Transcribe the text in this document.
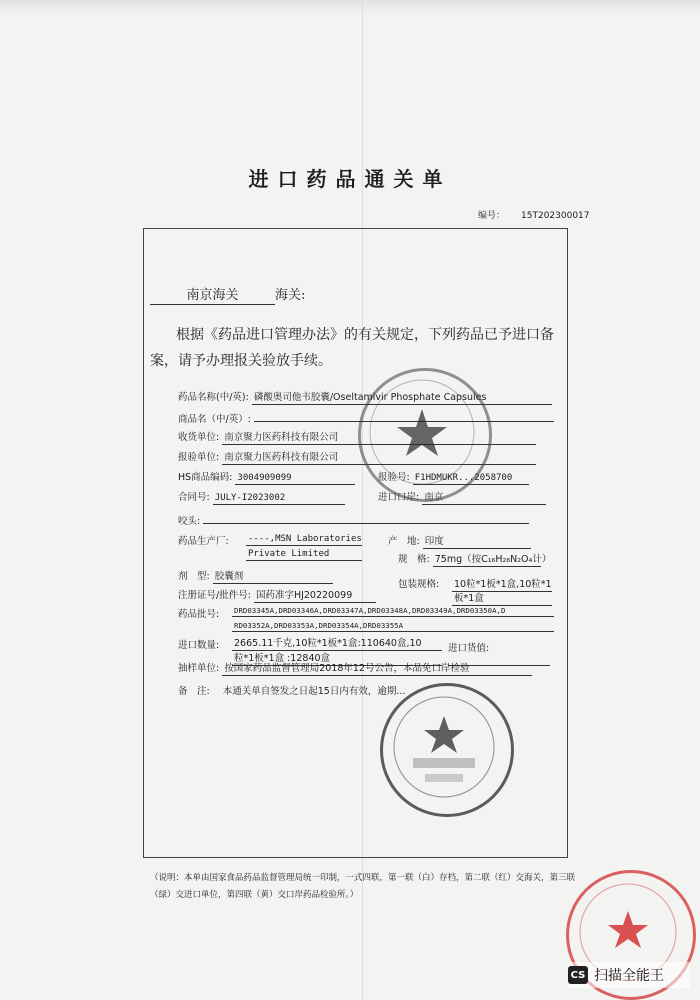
进口药品通关单
编号： 15T202300017
南京海关	海关:
根据《药品进口管理办法》的有关规定，下列药品已予进口备案，请予办理报关验放手续。
药品名称(中/英): 磷酸奥司他韦胶囊/Oseltamivir Phosphate Capsules
商品名（中/英）:
收货单位: 南京聚力医药科技有限公司
报验单位: 南京聚力医药科技有限公司
HS商品编码: 3004909099	报验号: F1HDMUKR...2058700
合同号: JULY-I2023002	进口口岸: 南京
咬头:
药品生产厂: ----,MSN Laboratories
Private Limited
产　地: 印度
规　格: 75mg（按C₁₆H₂₈N₂O₄计）
剂　型: 胶囊剂
包装规格: 10粒*1板*1盒,10粒*1
板*1盒
注册证号/批件号: 国药准字HJ20220099
药品批号: DRD03345A,DRD03346A,DRD03347A,DRD03348A,DRD03349A,DRD03350A,D
RD03352A,DRD03353A,DRD03354A,DRD03355A
进口数量: 2665.11千克,10粒*1板*1盒:110640盒,10
粒*1板*1盒 :12840盒
进口货值:
抽样单位: 按国家药品监督管理局2018年12号公告，本品免口岸检验
备　注: 本通关单自签发之日起15日内有效，逾期...
（说明：本单由国家食品药品监督管理局统一印制，一式四联，第一联（白）存档，第二联（红）交海关，第三联（绿）交进口单位，第四联（黄）交口岸药品检验所。）
CS 扫描全能王
